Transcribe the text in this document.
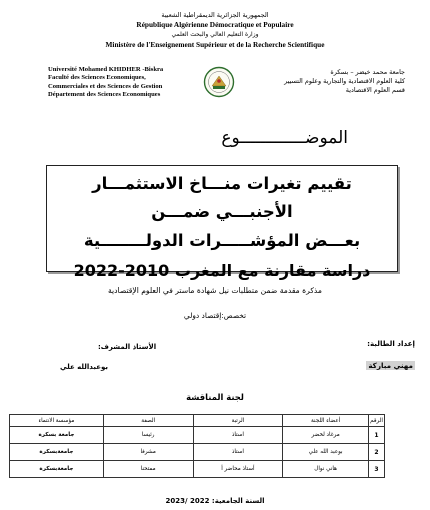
الجمهورية الجزائرية الديمقراطية الشعبية
République Algérienne Démocratique et Populaire
وزارة التعليم العالي والبحث العلمي
Ministère de l'Enseignement Supérieur et de la Recherche Scientifique
Université Mohamed KHIDHER -Biskra
Faculté des Sciences Economiques,
Commerciales et des Sciences de Gestion
Département des Sciences Economiques
جامعة محمد خيضر – بسكرة
كلية العلوم الاقتصادية والتجارية وعلوم التسيير
قسم العلوم الاقتصادية
الموضـــــــــــــوع
تقييم تغيرات منـــاخ الاستثمـــار الأجنبـــي ضمـــن
بعـــض المؤشـــــرات الدولــــــــية
دراسة مقارنة مع المغرب 2010-2022
مذكرة مقدمة ضمن متطلبات نيل شهادة ماستر في العلوم الإقتصادية
تخصص:إقتصاد دولي
إعداد الطالبة:
مهني مباركة
الأستاذ المشرف:
بوعبدالله علي
لجنة المناقشة
الرقم	أعضاء اللجنة	الرتبة	الصفة	مؤسسة الانتماء
1	مرغاد لخضر	استاذ	رئيسا	جامعة بسكرة
2	بوعبد الله علي	استاذ	مشرفا	جامعةبسكرة
3	هاني نوال	أستاذ محاضر أ	ممتحنا	جامعةبسكرة
السنة الجامعية: 2022 /2023
